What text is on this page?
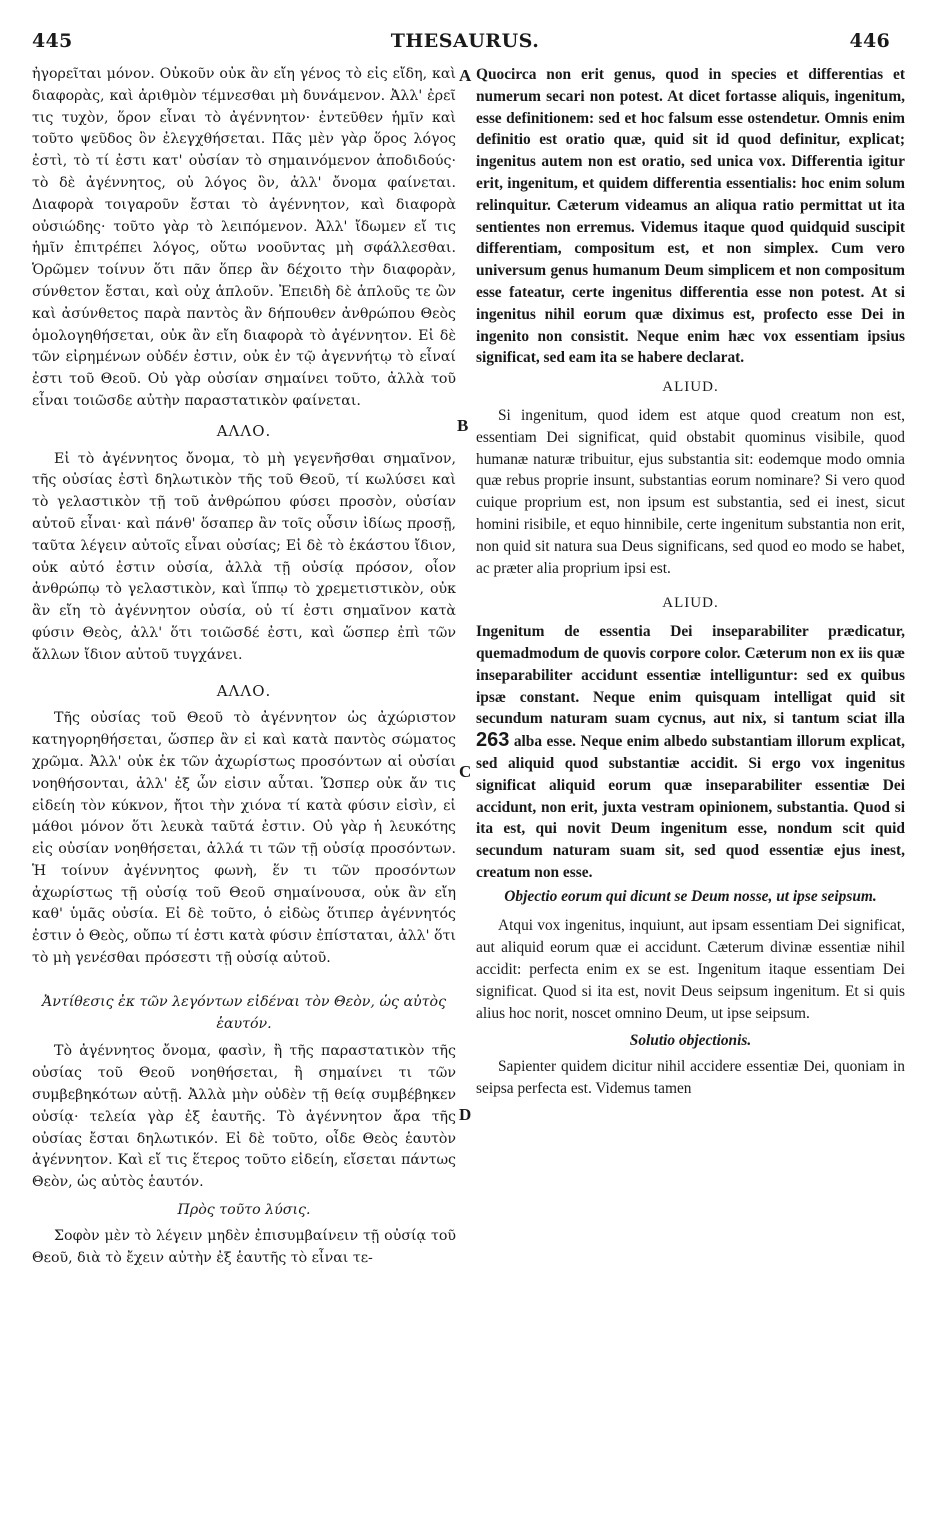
445	THESAURUS.	446

ἠγορεῖται μόνον. Οὐκοῦν οὐκ ἂν εἴη γένος τὸ εἰς εἴδη, καὶ διαφορὰς, καὶ ἀριθμὸν τέμνεσθαι μὴ δυνάμενον. Ἀλλ' ἐρεῖ τις τυχὸν, ὅρον εἶναι τὸ ἀγέννητον· ἐντεῦθεν ἡμῖν καὶ τοῦτο ψεῦδος ὂν ἐλεγχθήσεται. Πᾶς μὲν γὰρ ὅρος λόγος ἐστὶ, τὸ τί ἐστι κατ' οὐσίαν τὸ σημαινόμενον ἀποδιδούς· τὸ δὲ ἀγέννητος, οὐ λόγος ὂν, ἀλλ' ὄνομα φαίνεται. Διαφορὰ τοιγαροῦν ἔσται τὸ ἀγέννητον, καὶ διαφορὰ οὐσιώδης· τοῦτο γὰρ τὸ λειπόμενον. Ἀλλ' ἴδωμεν εἴ τις ἡμῖν ἐπιτρέπει λόγος, οὕτω νοοῦντας μὴ σφάλλεσθαι. Ὁρῶμεν τοίνυν ὅτι πᾶν ὅπερ ἂν δέχοιτο τὴν διαφορὰν, σύνθετον ἔσται, καὶ οὐχ ἁπλοῦν. Ἐπειδὴ δὲ ἁπλοῦς τε ὢν καὶ ἀσύνθετος παρὰ παντὸς ἂν δήπουθεν ἀνθρώπου Θεὸς ὁμολογηθήσεται, οὐκ ἂν εἴη διαφορὰ τὸ ἀγέννητον. Εἰ δὲ τῶν εἰρημένων οὐδέν ἐστιν, οὐκ ἐν τῷ ἀγεννήτῳ τὸ εἶναί ἐστι τοῦ Θεοῦ. Οὐ γὰρ οὐσίαν σημαίνει τοῦτο, ἀλλὰ τοῦ εἶναι τοιῶσδε αὐτὴν παραστατικὸν φαίνεται.

ΑΛΛΟ.

Εἰ τὸ ἀγέννητος ὄνομα, τὸ μὴ γεγενῆσθαι σημαῖνον, τῆς οὐσίας ἐστὶ δηλωτικὸν τῆς τοῦ Θεοῦ, τί κωλύσει καὶ τὸ γελαστικὸν τῇ τοῦ ἀνθρώπου φύσει προσὸν, οὐσίαν αὐτοῦ εἶναι· καὶ πάνθ' ὅσαπερ ἂν τοῖς οὖσιν ἰδίως προσῇ, ταῦτα λέγειν αὐτοῖς εἶναι οὐσίας; Εἰ δὲ τὸ ἑκάστου ἴδιον, οὐκ αὐτό ἐστιν οὐσία, ἀλλὰ τῇ οὐσίᾳ πρόσον, οἷον ἀνθρώπῳ τὸ γελαστικὸν, καὶ ἵππῳ τὸ χρεμετιστικὸν, οὐκ ἂν εἴη τὸ ἀγέννητον οὐσία, οὐ τί ἐστι σημαῖνον κατὰ φύσιν Θεὸς, ἀλλ' ὅτι τοιῶσδέ ἐστι, καὶ ὥσπερ ἐπὶ τῶν ἄλλων ἴδιον αὐτοῦ τυγχάνει.

ΑΛΛΟ.

Τῆς οὐσίας τοῦ Θεοῦ τὸ ἀγέννητον ὡς ἀχώριστον κατηγορηθήσεται, ὥσπερ ἂν εἰ καὶ κατὰ παντὸς σώματος χρῶμα. Ἀλλ' οὐκ ἐκ τῶν ἀχωρίστως προσόντων αἱ οὐσίαι νοηθήσονται, ἀλλ' ἐξ ὧν εἰσιν αὗται. Ὥσπερ οὐκ ἄν τις εἰδείη τὸν κύκνον, ἤτοι τὴν χιόνα τί κατὰ φύσιν εἰσὶν, εἰ μάθοι μόνον ὅτι λευκὰ ταῦτά ἐστιν. Οὐ γὰρ ἡ λευκότης εἰς οὐσίαν νοηθήσεται, ἀλλά τι τῶν τῇ οὐσίᾳ προσόντων. Ἡ τοίνυν ἀγέννητος φωνὴ, ἕν τι τῶν προσόντων ἀχωρίστως τῇ οὐσίᾳ τοῦ Θεοῦ σημαίνουσα, οὐκ ἂν εἴη καθ' ὑμᾶς οὐσία. Εἰ δὲ τοῦτο, ὁ εἰδὼς ὅτιπερ ἀγέννητός ἐστιν ὁ Θεὸς, οὔπω τί ἐστι κατὰ φύσιν ἐπίσταται, ἀλλ' ὅτι τὸ μὴ γενέσθαι πρόσεστι τῇ οὐσίᾳ αὐτοῦ.

Ἀντίθεσις ἐκ τῶν λεγόντων εἰδέναι τὸν Θεὸν, ὡς αὐτὸς ἑαυτόν.

Τὸ ἀγέννητος ὄνομα, φασὶν, ἢ τῆς παραστατικὸν τῆς οὐσίας τοῦ Θεοῦ νοηθήσεται, ἢ σημαίνει τι τῶν συμβεβηκότων αὐτῇ. Ἀλλὰ μὴν οὐδὲν τῇ θείᾳ συμβέβηκεν οὐσίᾳ· τελεία γὰρ ἐξ ἑαυτῆς. Τὸ ἀγέννητον ἄρα τῆς οὐσίας ἔσται δηλωτικόν. Εἰ δὲ τοῦτο, οἶδε Θεὸς ἑαυτὸν ἀγέννητον. Καὶ εἴ τις ἕτερος τοῦτο εἰδείη, εἴσεται πάντως Θεὸν, ὡς αὐτὸς ἑαυτόν.

Πρὸς τοῦτο λύσις.

Σοφὸν μὲν τὸ λέγειν μηδὲν ἐπισυμβαίνειν τῇ οὐσίᾳ τοῦ Θεοῦ, διὰ τὸ ἔχειν αὐτὴν ἐξ ἑαυτῆς τὸ εἶναι τε-

A
B
C
D

Quocirca non erit genus, quod in species et differentias et numerum secari non potest. At dicet fortasse aliquis, ingenitum, esse definitionem: sed et hoc falsum esse ostendetur. Omnis enim definitio est oratio quæ, quid sit id quod definitur, explicat; ingenitus autem non est oratio, sed unica vox. Differentia igitur erit, ingenitum, et quidem differentia essentialis: hoc enim solum relinquitur. Cæterum videamus an aliqua ratio permittat ut ita sentientes non erremus. Videmus itaque quod quidquid suscipit differentiam, compositum est, et non simplex. Cum vero universum genus humanum Deum simplicem et non compositum esse fateatur, certe ingenitus differentia esse non potest. At si ingenitus nihil eorum quæ diximus est, profecto esse Dei in ingenito non consistit. Neque enim hæc vox essentiam ipsius significat, sed eam ita se habere declarat.

ALIUD.

Si ingenitum, quod idem est atque quod creatum non est, essentiam Dei significat, quid obstabit quominus visibile, quod humanæ naturæ tribuitur, ejus substantia sit: eodemque modo omnia quæ rebus proprie insunt, substantias eorum nominare? Si vero quod cuique proprium est, non ipsum est substantia, sed ei inest, sicut homini risibile, et equo hinnibile, certe ingenitum substantia non erit, non quid sit natura sua Deus significans, sed quod eo modo se habet, ac præter alia proprium ipsi est.

ALIUD.

Ingenitum de essentia Dei inseparabiliter prædicatur, quemadmodum de quovis corpore color. Cæterum non ex iis quæ inseparabiliter accidunt essentiæ intelliguntur: sed ex quibus ipsæ constant. Neque enim quisquam intelligat quid sit secundum naturam suam cycnus, aut nix, si tantum sciat illa 263 alba esse. Neque enim albedo substantiam illorum explicat, sed aliquid quod substantiæ accidit. Si ergo vox ingenitus significat aliquid eorum quæ inseparabiliter essentiæ Dei accidunt, non erit, juxta vestram opinionem, substantia. Quod si ita est, qui novit Deum ingenitum esse, nondum scit quid secundum naturam suam sit, sed quod essentiæ ejus inest, creatum non esse.

Objectio eorum qui dicunt se Deum nosse, ut ipse seipsum.

Atqui vox ingenitus, inquiunt, aut ipsam essentiam Dei significat, aut aliquid eorum quæ ei accidunt. Cæterum divinæ essentiæ nihil accidit: perfecta enim ex se est. Ingenitum itaque essentiam Dei significat. Quod si ita est, novit Deus seipsum ingenitum. Et si quis alius hoc norit, noscet omnino Deum, ut ipse seipsum.

Solutio objectionis.

Sapienter quidem dicitur nihil accidere essentiæ Dei, quoniam in seipsa perfecta est. Videmus tamen
